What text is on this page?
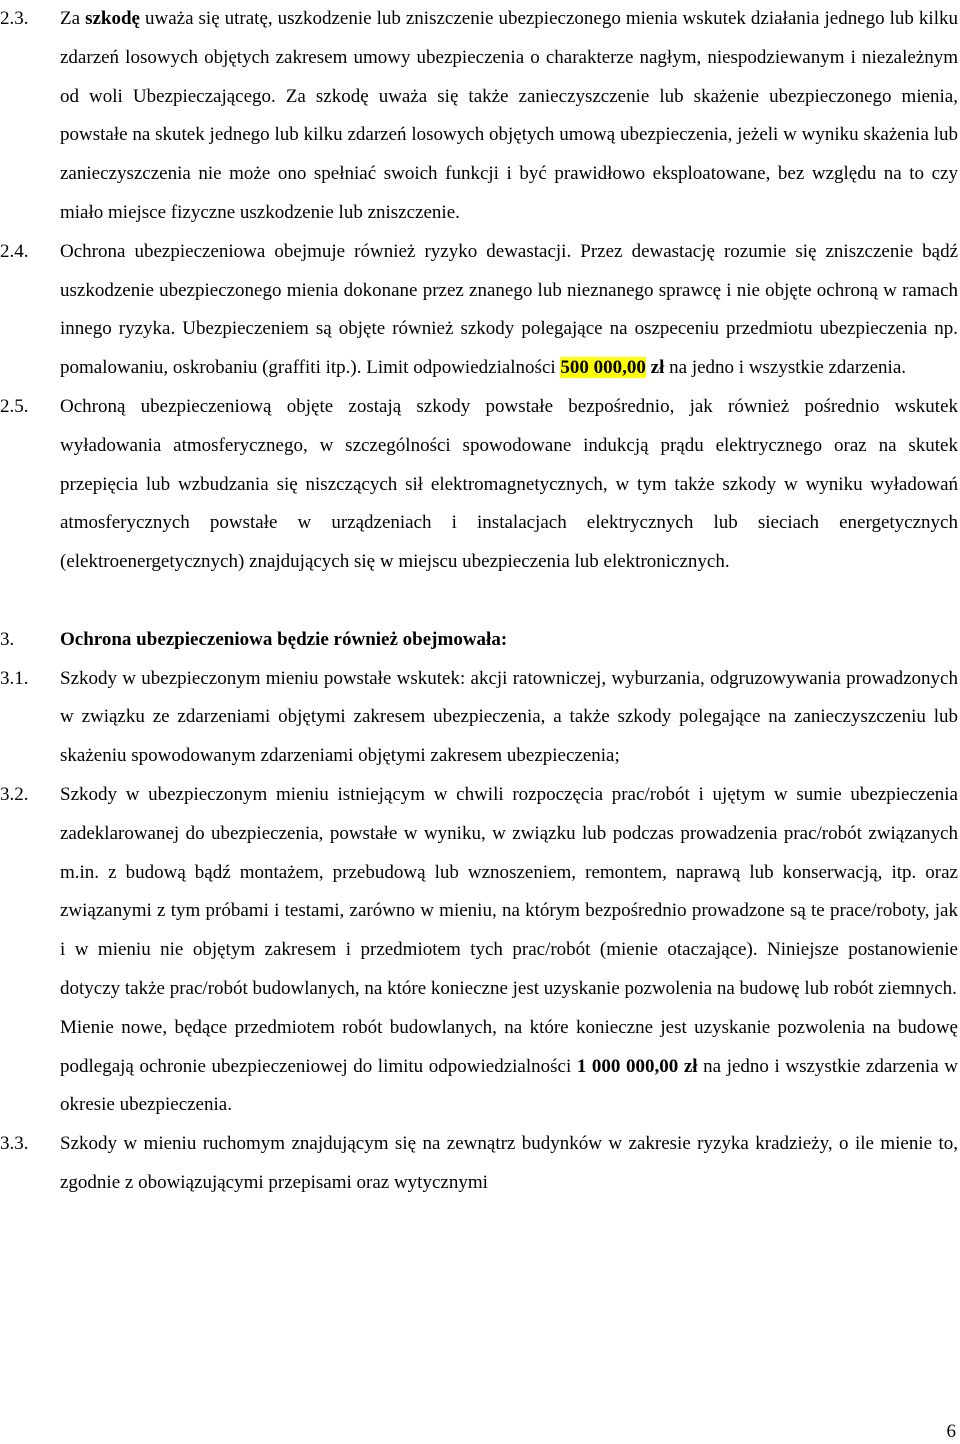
2.3. Za szkodę uważa się utratę, uszkodzenie lub zniszczenie ubezpieczonego mienia wskutek działania jednego lub kilku zdarzeń losowych objętych zakresem umowy ubezpieczenia o charakterze nagłym, niespodziewanym i niezależnym od woli Ubezpieczającego. Za szkodę uważa się także zanieczyszczenie lub skażenie ubezpieczonego mienia, powstałe na skutek jednego lub kilku zdarzeń losowych objętych umową ubezpieczenia, jeżeli w wyniku skażenia lub zanieczyszczenia nie może ono spełniać swoich funkcji i być prawidłowo eksploatowane, bez względu na to czy miało miejsce fizyczne uszkodzenie lub zniszczenie.

2.4. Ochrona ubezpieczeniowa obejmuje również ryzyko dewastacji. Przez dewastację rozumie się zniszczenie bądź uszkodzenie ubezpieczonego mienia dokonane przez znanego lub nieznanego sprawcę i nie objęte ochroną w ramach innego ryzyka. Ubezpieczeniem są objęte również szkody polegające na oszpeceniu przedmiotu ubezpieczenia np. pomalowaniu, oskrobaniu (graffiti itp.). Limit odpowiedzialności 500 000,00 zł na jedno i wszystkie zdarzenia.

2.5. Ochroną ubezpieczeniową objęte zostają szkody powstałe bezpośrednio, jak również pośrednio wskutek wyładowania atmosferycznego, w szczególności spowodowane indukcją prądu elektrycznego oraz na skutek przepięcia lub wzbudzania się niszczących sił elektromagnetycznych, w tym także szkody w wyniku wyładowań atmosferycznych powstałe w urządzeniach i instalacjach elektrycznych lub sieciach energetycznych (elektroenergetycznych) znajdujących się w miejscu ubezpieczenia lub elektronicznych.

3. Ochrona ubezpieczeniowa będzie również obejmowała:

3.1. Szkody w ubezpieczonym mieniu powstałe wskutek: akcji ratowniczej, wyburzania, odgruzowywania prowadzonych w związku ze zdarzeniami objętymi zakresem ubezpieczenia, a także szkody polegające na zanieczyszczeniu lub skażeniu spowodowanym zdarzeniami objętymi zakresem ubezpieczenia;

3.2. Szkody w ubezpieczonym mieniu istniejącym w chwili rozpoczęcia prac/robót i ujętym w sumie ubezpieczenia zadeklarowanej do ubezpieczenia, powstałe w wyniku, w związku lub podczas prowadzenia prac/robót związanych m.in. z budową bądź montażem, przebudową lub wznoszeniem, remontem, naprawą lub konserwacją, itp. oraz związanymi z tym próbami i testami, zarówno w mieniu, na którym bezpośrednio prowadzone są te prace/roboty, jak i w mieniu nie objętym zakresem i przedmiotem tych prac/robót (mienie otaczające). Niniejsze postanowienie dotyczy także prac/robót budowlanych, na które konieczne jest uzyskanie pozwolenia na budowę lub robót ziemnych.

Mienie nowe, będące przedmiotem robót budowlanych, na które konieczne jest uzyskanie pozwolenia na budowę podlegają ochronie ubezpieczeniowej do limitu odpowiedzialności 1 000 000,00 zł na jedno i wszystkie zdarzenia w okresie ubezpieczenia.

3.3. Szkody w mieniu ruchomym znajdującym się na zewnątrz budynków w zakresie ryzyka kradzieży, o ile mienie to, zgodnie z obowiązującymi przepisami oraz wytycznymi

6
